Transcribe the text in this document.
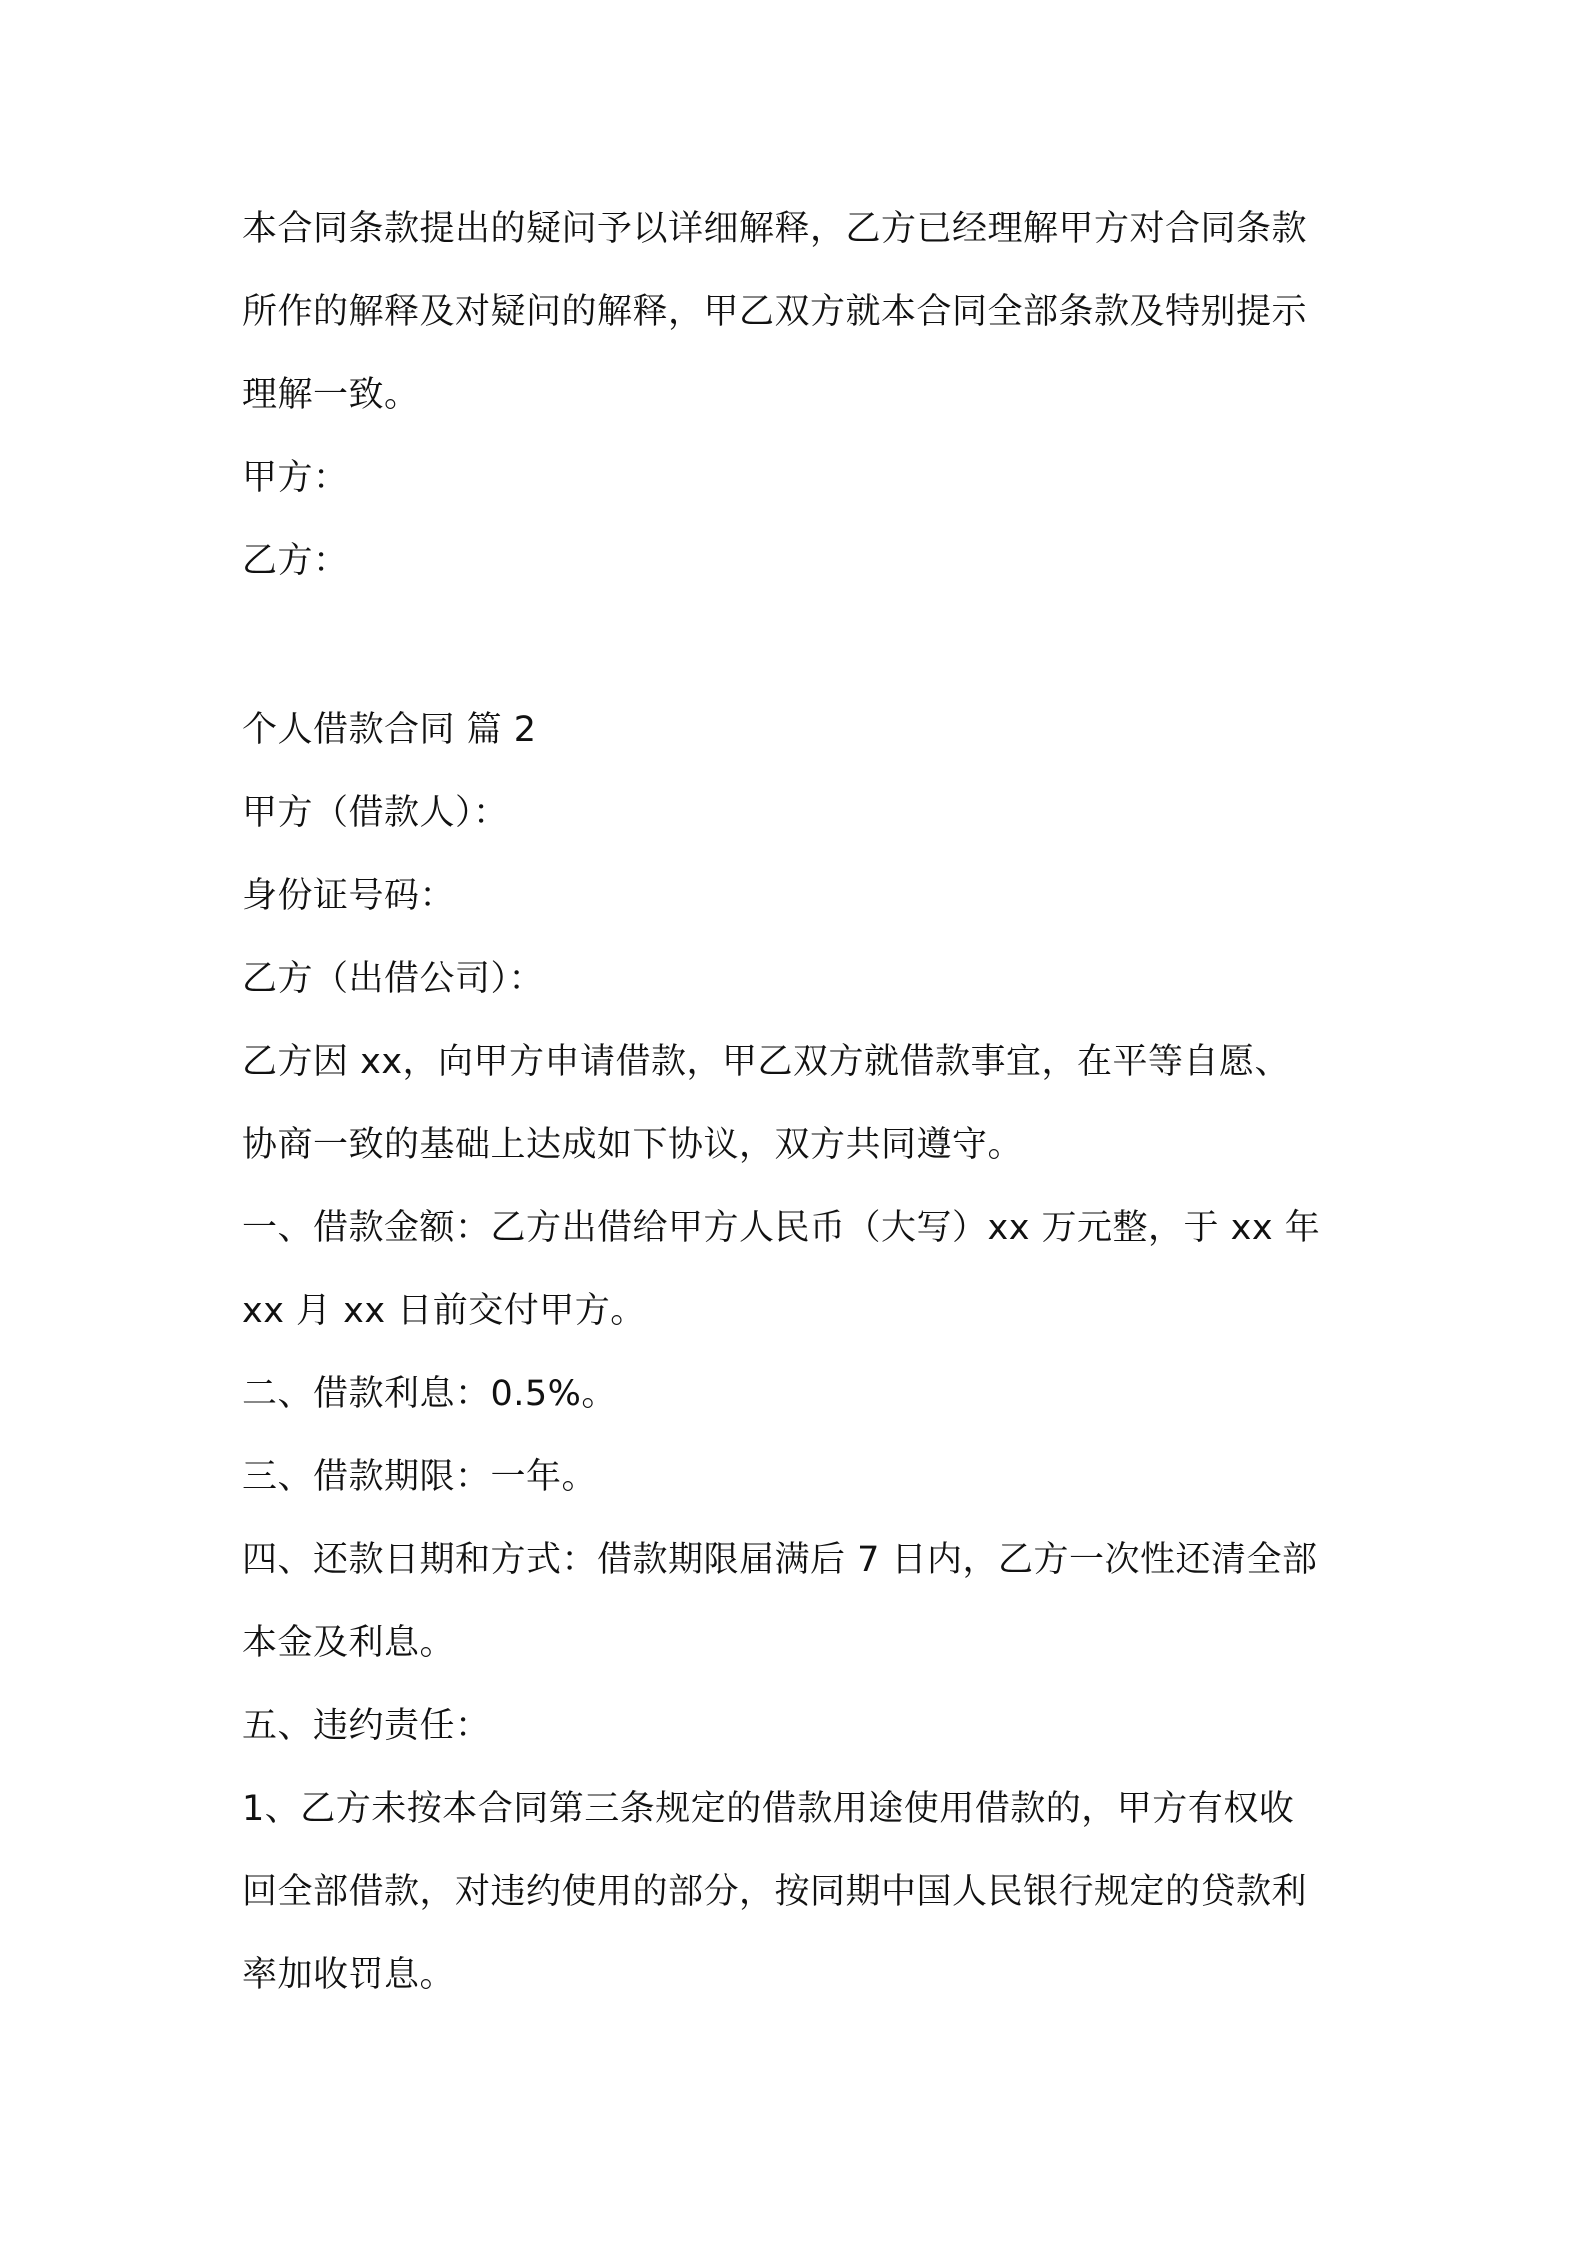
本合同条款提出的疑问予以详细解释，乙方已经理解甲方对合同条款
所作的解释及对疑问的解释，甲乙双方就本合同全部条款及特别提示
理解一致。

甲方：

乙方：

个人借款合同 篇 2

甲方（借款人）：

身份证号码：

乙方（出借公司）：

乙方因 xx，向甲方申请借款，甲乙双方就借款事宜，在平等自愿、
协商一致的基础上达成如下协议，双方共同遵守。

一、借款金额：乙方出借给甲方人民币（大写）xx 万元整，于 xx 年
xx 月 xx 日前交付甲方。

二、借款利息：0.5%。

三、借款期限：一年。

四、还款日期和方式：借款期限届满后 7 日内，乙方一次性还清全部
本金及利息。

五、违约责任：

1、乙方未按本合同第三条规定的借款用途使用借款的，甲方有权收
回全部借款，对违约使用的部分，按同期中国人民银行规定的贷款利
率加收罚息。
